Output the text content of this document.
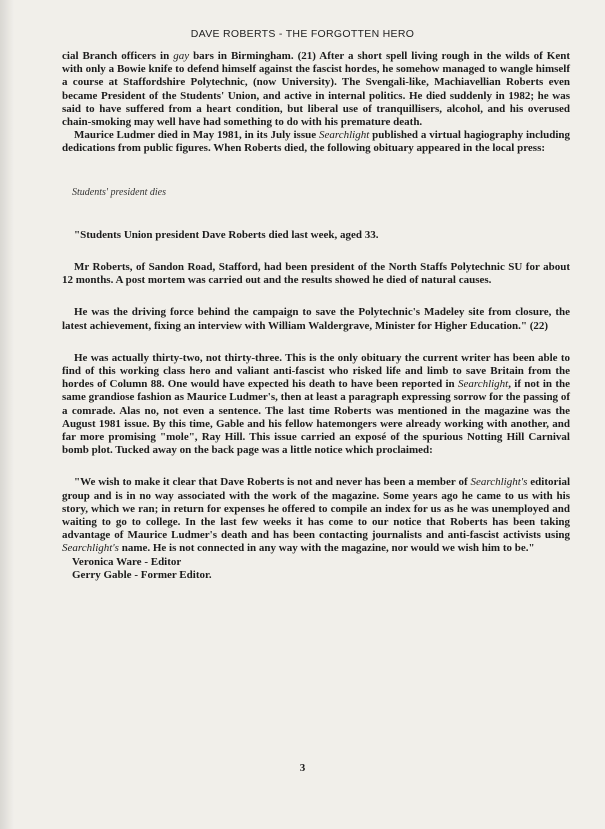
DAVE ROBERTS - THE FORGOTTEN HERO

cial Branch officers in gay bars in Birmingham. (21) After a short spell living rough in the wilds of Kent with only a Bowie knife to defend himself against the fascist hordes, he somehow managed to wangle himself a course at Staffordshire Polytechnic, (now University). The Svengali-like, Machiavellian Roberts even became President of the Students' Union, and active in internal politics. He died suddenly in 1982; he was said to have suffered from a heart condition, but liberal use of tranquillisers, alcohol, and his overused chain-smoking may well have had something to do with his premature death.

Maurice Ludmer died in May 1981, in its July issue Searchlight published a virtual hagiography including dedications from public figures. When Roberts died, the following obituary appeared in the local press:

Students' president dies

"Students Union president Dave Roberts died last week, aged 33.

Mr Roberts, of Sandon Road, Stafford, had been president of the North Staffs Polytechnic SU for about 12 months. A post mortem was carried out and the results showed he died of natural causes.

He was the driving force behind the campaign to save the Polytechnic's Madeley site from closure, the latest achievement, fixing an interview with William Waldergrave, Minister for Higher Education." (22)

He was actually thirty-two, not thirty-three. This is the only obituary the current writer has been able to find of this working class hero and valiant anti-fascist who risked life and limb to save Britain from the hordes of Column 88. One would have expected his death to have been reported in Searchlight, if not in the same grandiose fashion as Maurice Ludmer's, then at least a paragraph expressing sorrow for the passing of a comrade. Alas no, not even a sentence. The last time Roberts was mentioned in the magazine was the August 1981 issue. By this time, Gable and his fellow hatemongers were already working with another, and far more promising "mole", Ray Hill. This issue carried an exposé of the spurious Notting Hill Carnival bomb plot. Tucked away on the back page was a little notice which proclaimed:

"We wish to make it clear that Dave Roberts is not and never has been a member of Searchlight's editorial group and is in no way associated with the work of the magazine. Some years ago he came to us with his story, which we ran; in return for expenses he offered to compile an index for us as he was unemployed and waiting to go to college. In the last few weeks it has come to our notice that Roberts has been taking advantage of Maurice Ludmer's death and has been contacting journalists and anti-fascist activists using Searchlight's name. He is not connected in any way with the magazine, nor would we wish him to be."

Veronica Ware - Editor

Gerry Gable - Former Editor.

3
